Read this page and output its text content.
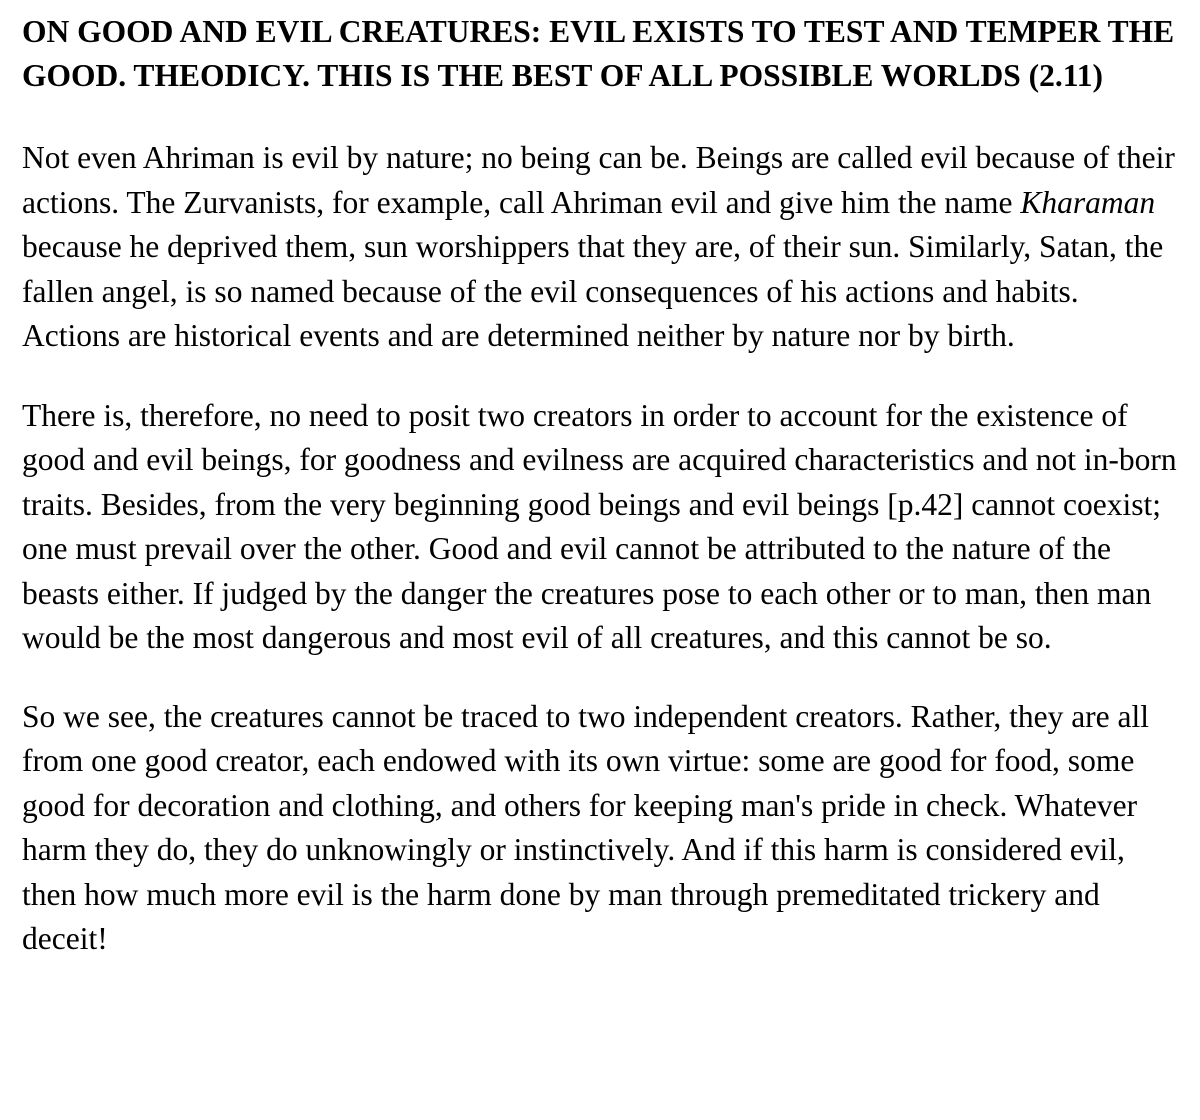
ON GOOD AND EVIL CREATURES: EVIL EXISTS TO TEST AND TEMPER THE GOOD. THEODICY. THIS IS THE BEST OF ALL POSSIBLE WORLDS (2.11)

Not even Ahriman is evil by nature; no being can be. Beings are called evil because of their actions. The Zurvanists, for example, call Ahriman evil and give him the name Kharaman because he deprived them, sun worshippers that they are, of their sun. Similarly, Satan, the fallen angel, is so named because of the evil consequences of his actions and habits. Actions are historical events and are determined neither by nature nor by birth.

There is, therefore, no need to posit two creators in order to account for the existence of good and evil beings, for goodness and evilness are acquired characteristics and not in-born traits. Besides, from the very beginning good beings and evil beings [p.42] cannot coexist; one must prevail over the other. Good and evil cannot be attributed to the nature of the beasts either. If judged by the danger the creatures pose to each other or to man, then man would be the most dangerous and most evil of all creatures, and this cannot be so.

So we see, the creatures cannot be traced to two independent creators. Rather, they are all from one good creator, each endowed with its own virtue: some are good for food, some good for decoration and clothing, and others for keeping man's pride in check. Whatever harm they do, they do unknowingly or instinctively. And if this harm is considered evil, then how much more evil is the harm done by man through premeditated trickery and deceit!
